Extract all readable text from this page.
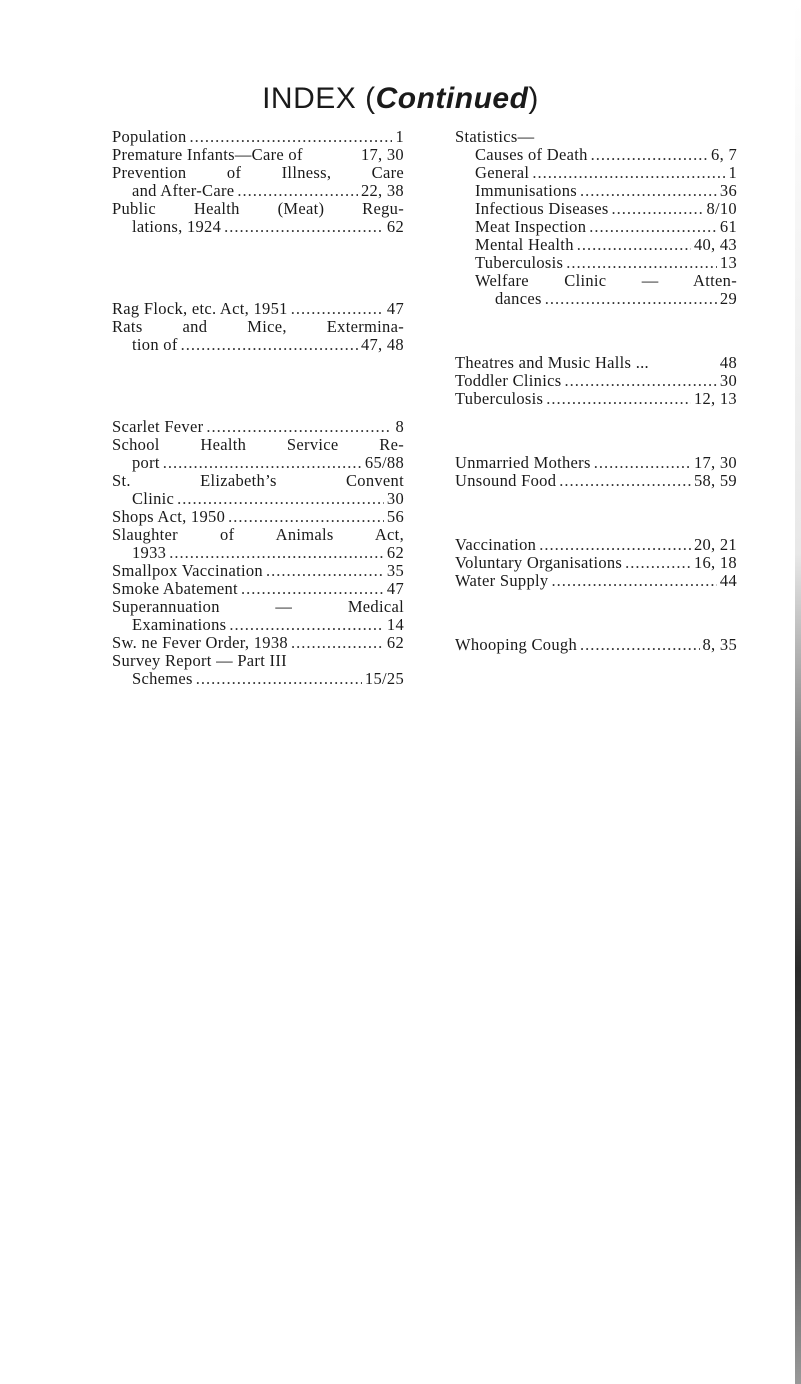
INDEX (Continued)
Population .....	1
Premature Infants—Care of	17, 30
Prevention of Illness, Care
and After-Care .....	22, 38
Public Health (Meat) Regu-
lations, 1924 .....	62
Rag Flock, etc. Act, 1951 .....	47
Rats and Mice, Extermina-
tion of .....	47, 48
Scarlet Fever .....	8
School Health Service Re-
port .....	65/88
St. Elizabeth’s Convent
Clinic .....	30
Shops Act, 1950 .....	56
Slaughter of Animals Act,
1933 .....	62
Smallpox Vaccination .....	35
Smoke Abatement .....	47
Superannuation — Medical
Examinations .....	14
Sw. ne Fever Order, 1938 .....	62
Survey Report — Part III
Schemes .....	15/25
Statistics—
Causes of Death .....	6, 7
General .....	1
Immunisations .....	36
Infectious Diseases .....	8/10
Meat Inspection .....	61
Mental Health .....	40, 43
Tuberculosis .....	13
Welfare Clinic — Atten-
dances .....	29
Theatres and Music Halls ...	48
Toddler Clinics .....	30
Tuberculosis .....	12, 13
Unmarried Mothers .....	17, 30
Unsound Food .....	58, 59
Vaccination .....	20, 21
Voluntary Organisations .....	16, 18
Water Supply .....	44
Whooping Cough .....	8, 35
